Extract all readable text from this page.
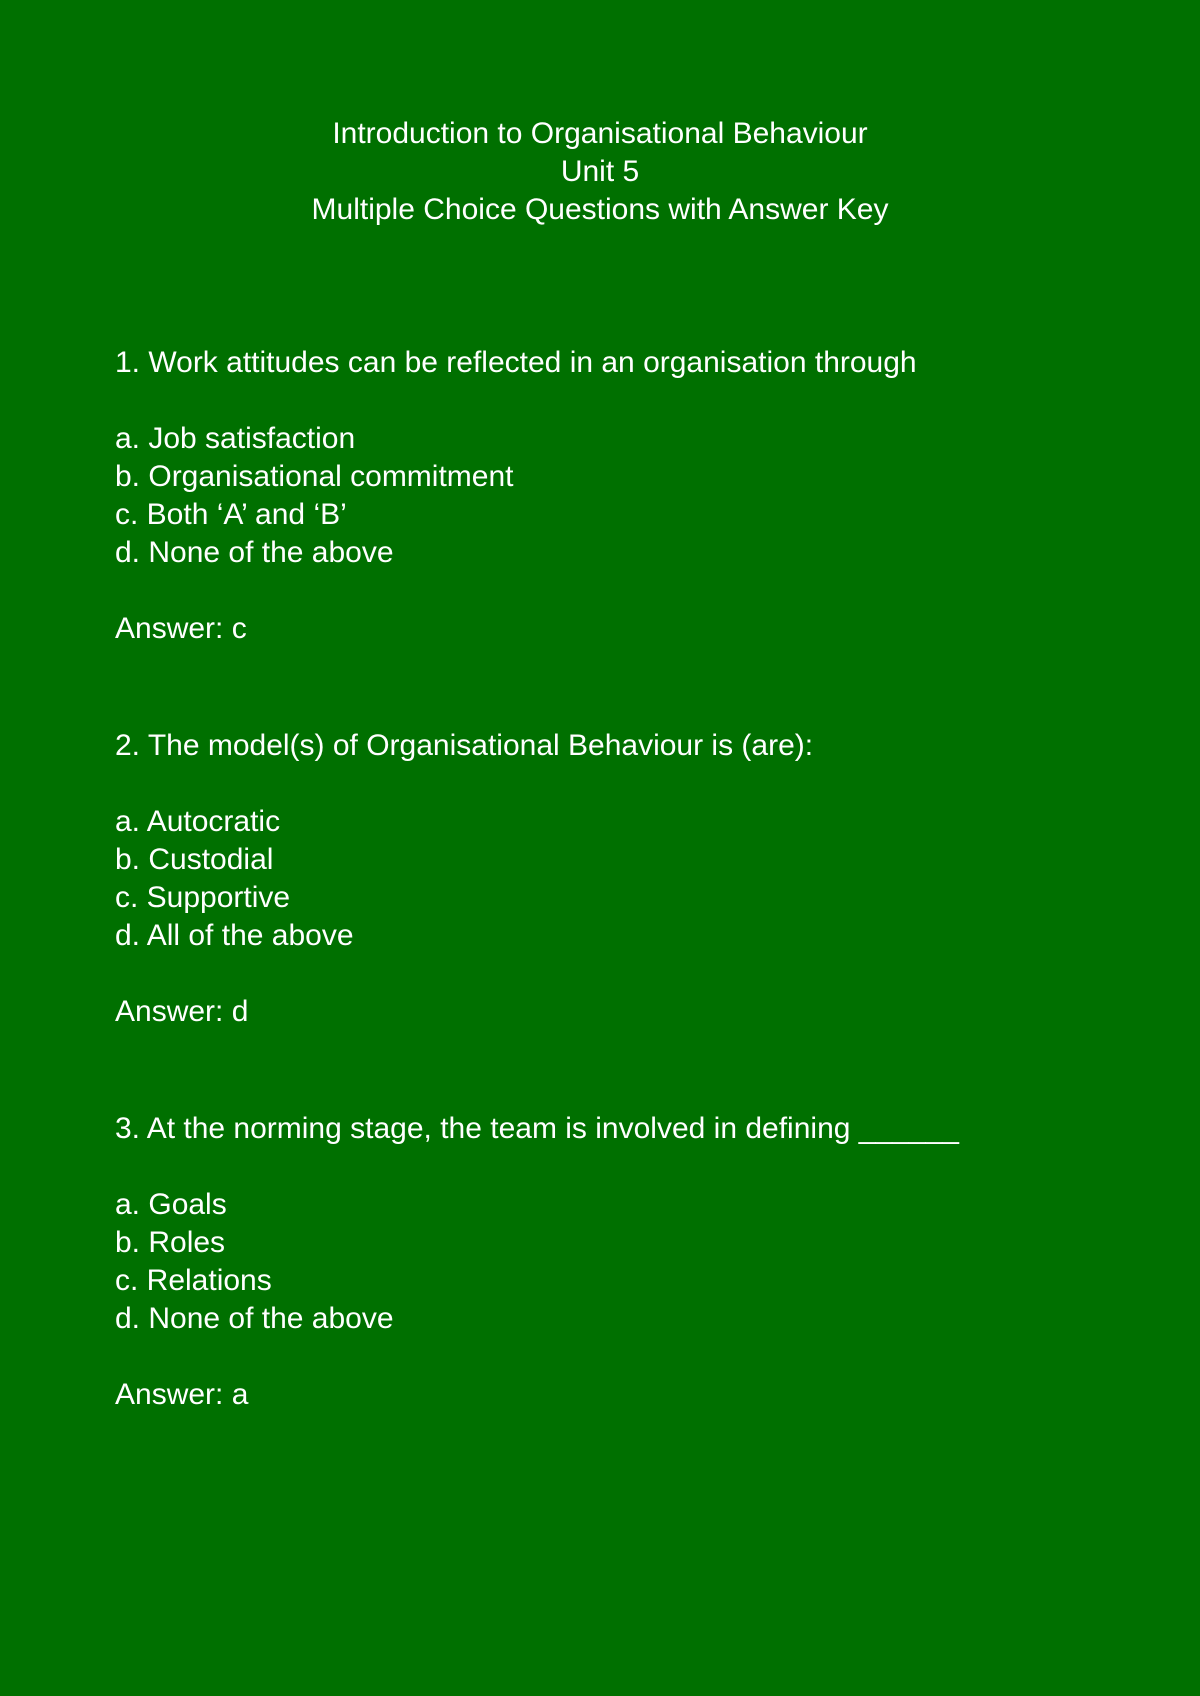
Introduction to Organisational Behaviour
Unit 5
Multiple Choice Questions with Answer Key
1. Work attitudes can be reflected in an organisation through
a. Job satisfaction
b. Organisational commitment
c. Both ‘A’ and ‘B’
d. None of the above
Answer: c
2. The model(s) of Organisational Behaviour is (are):
a. Autocratic
b. Custodial
c. Supportive
d. All of the above
Answer: d
3. At the norming stage, the team is involved in defining ______
a. Goals
b. Roles
c. Relations
d. None of the above
Answer: a
